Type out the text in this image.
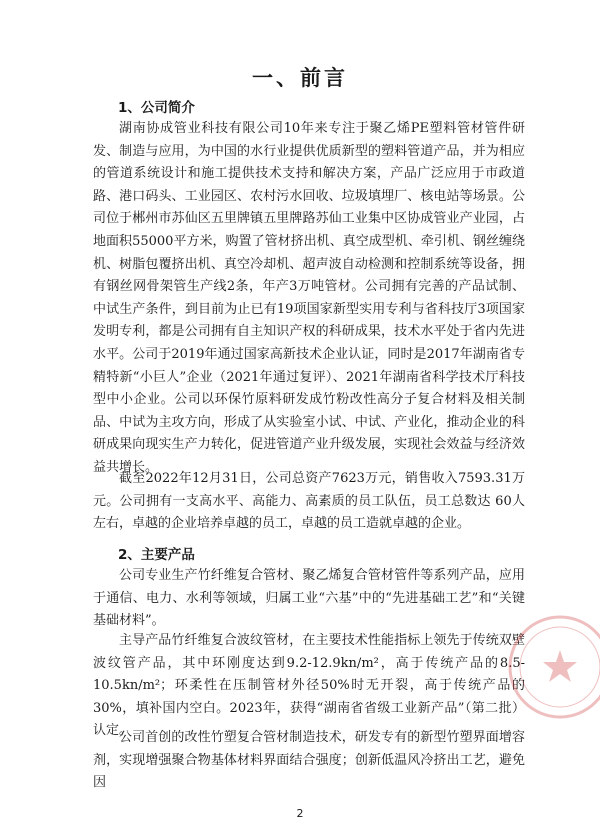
一、前言
1、公司简介

湖南协成管业科技有限公司10年来专注于聚乙烯PE塑料管材管件研发、制造与应用，为中国的水行业提供优质新型的塑料管道产品，并为相应的管道系统设计和施工提供技术支持和解决方案，产品广泛应用于市政道路、港口码头、工业园区、农村污水回收、垃圾填埋厂、核电站等场景。公司位于郴州市苏仙区五里牌镇五里牌路苏仙工业集中区协成管业产业园，占地面积55000平方米，购置了管材挤出机、真空成型机、牵引机、钢丝缠绕机、树脂包覆挤出机、真空冷却机、超声波自动检测和控制系统等设备，拥有钢丝网骨架管生产线2条，年产3万吨管材。公司拥有完善的产品试制、中试生产条件，到目前为止已有19项国家新型实用专利与省科技厅3项国家发明专利，都是公司拥有自主知识产权的科研成果，技术水平处于省内先进水平。公司于2019年通过国家高新技术企业认证，同时是2017年湖南省专精特新“小巨人”企业（2021年通过复评）、2021年湖南省科学技术厅科技型中小企业。公司以环保竹原料研发成竹粉改性高分子复合材料及相关制品、中试为主攻方向，形成了从实验室小试、中试、产业化，推动企业的科研成果向现实生产力转化，促进管道产业升级发展，实现社会效益与经济效益共增长。

截至2022年12月31日，公司总资产7623万元，销售收入7593.31万元。公司拥有一支高水平、高能力、高素质的员工队伍，员工总数达 60人左右，卓越的企业培养卓越的员工，卓越的员工造就卓越的企业。

2、主要产品

公司专业生产竹纤维复合管材、聚乙烯复合管材管件等系列产品，应用于通信、电力、水利等领域，归属工业“六基”中的“先进基础工艺”和“关键基础材料”。

主导产品竹纤维复合波纹管材，在主要技术性能指标上领先于传统双壁波纹管产品，其中环刚度达到9.2-12.9kn/m²，高于传统产品的8.5-10.5kn/m²；环柔性在压制管材外径50%时无开裂，高于传统产品的30%，填补国内空白。2023年，获得“湖南省省级工业新产品”（第二批）认定。

公司首创的改性竹塑复合管材制造技术，研发专有的新型竹塑界面增容剂，实现增强聚合物基体材料界面结合强度；创新低温风冷挤出工艺，避免因

2
